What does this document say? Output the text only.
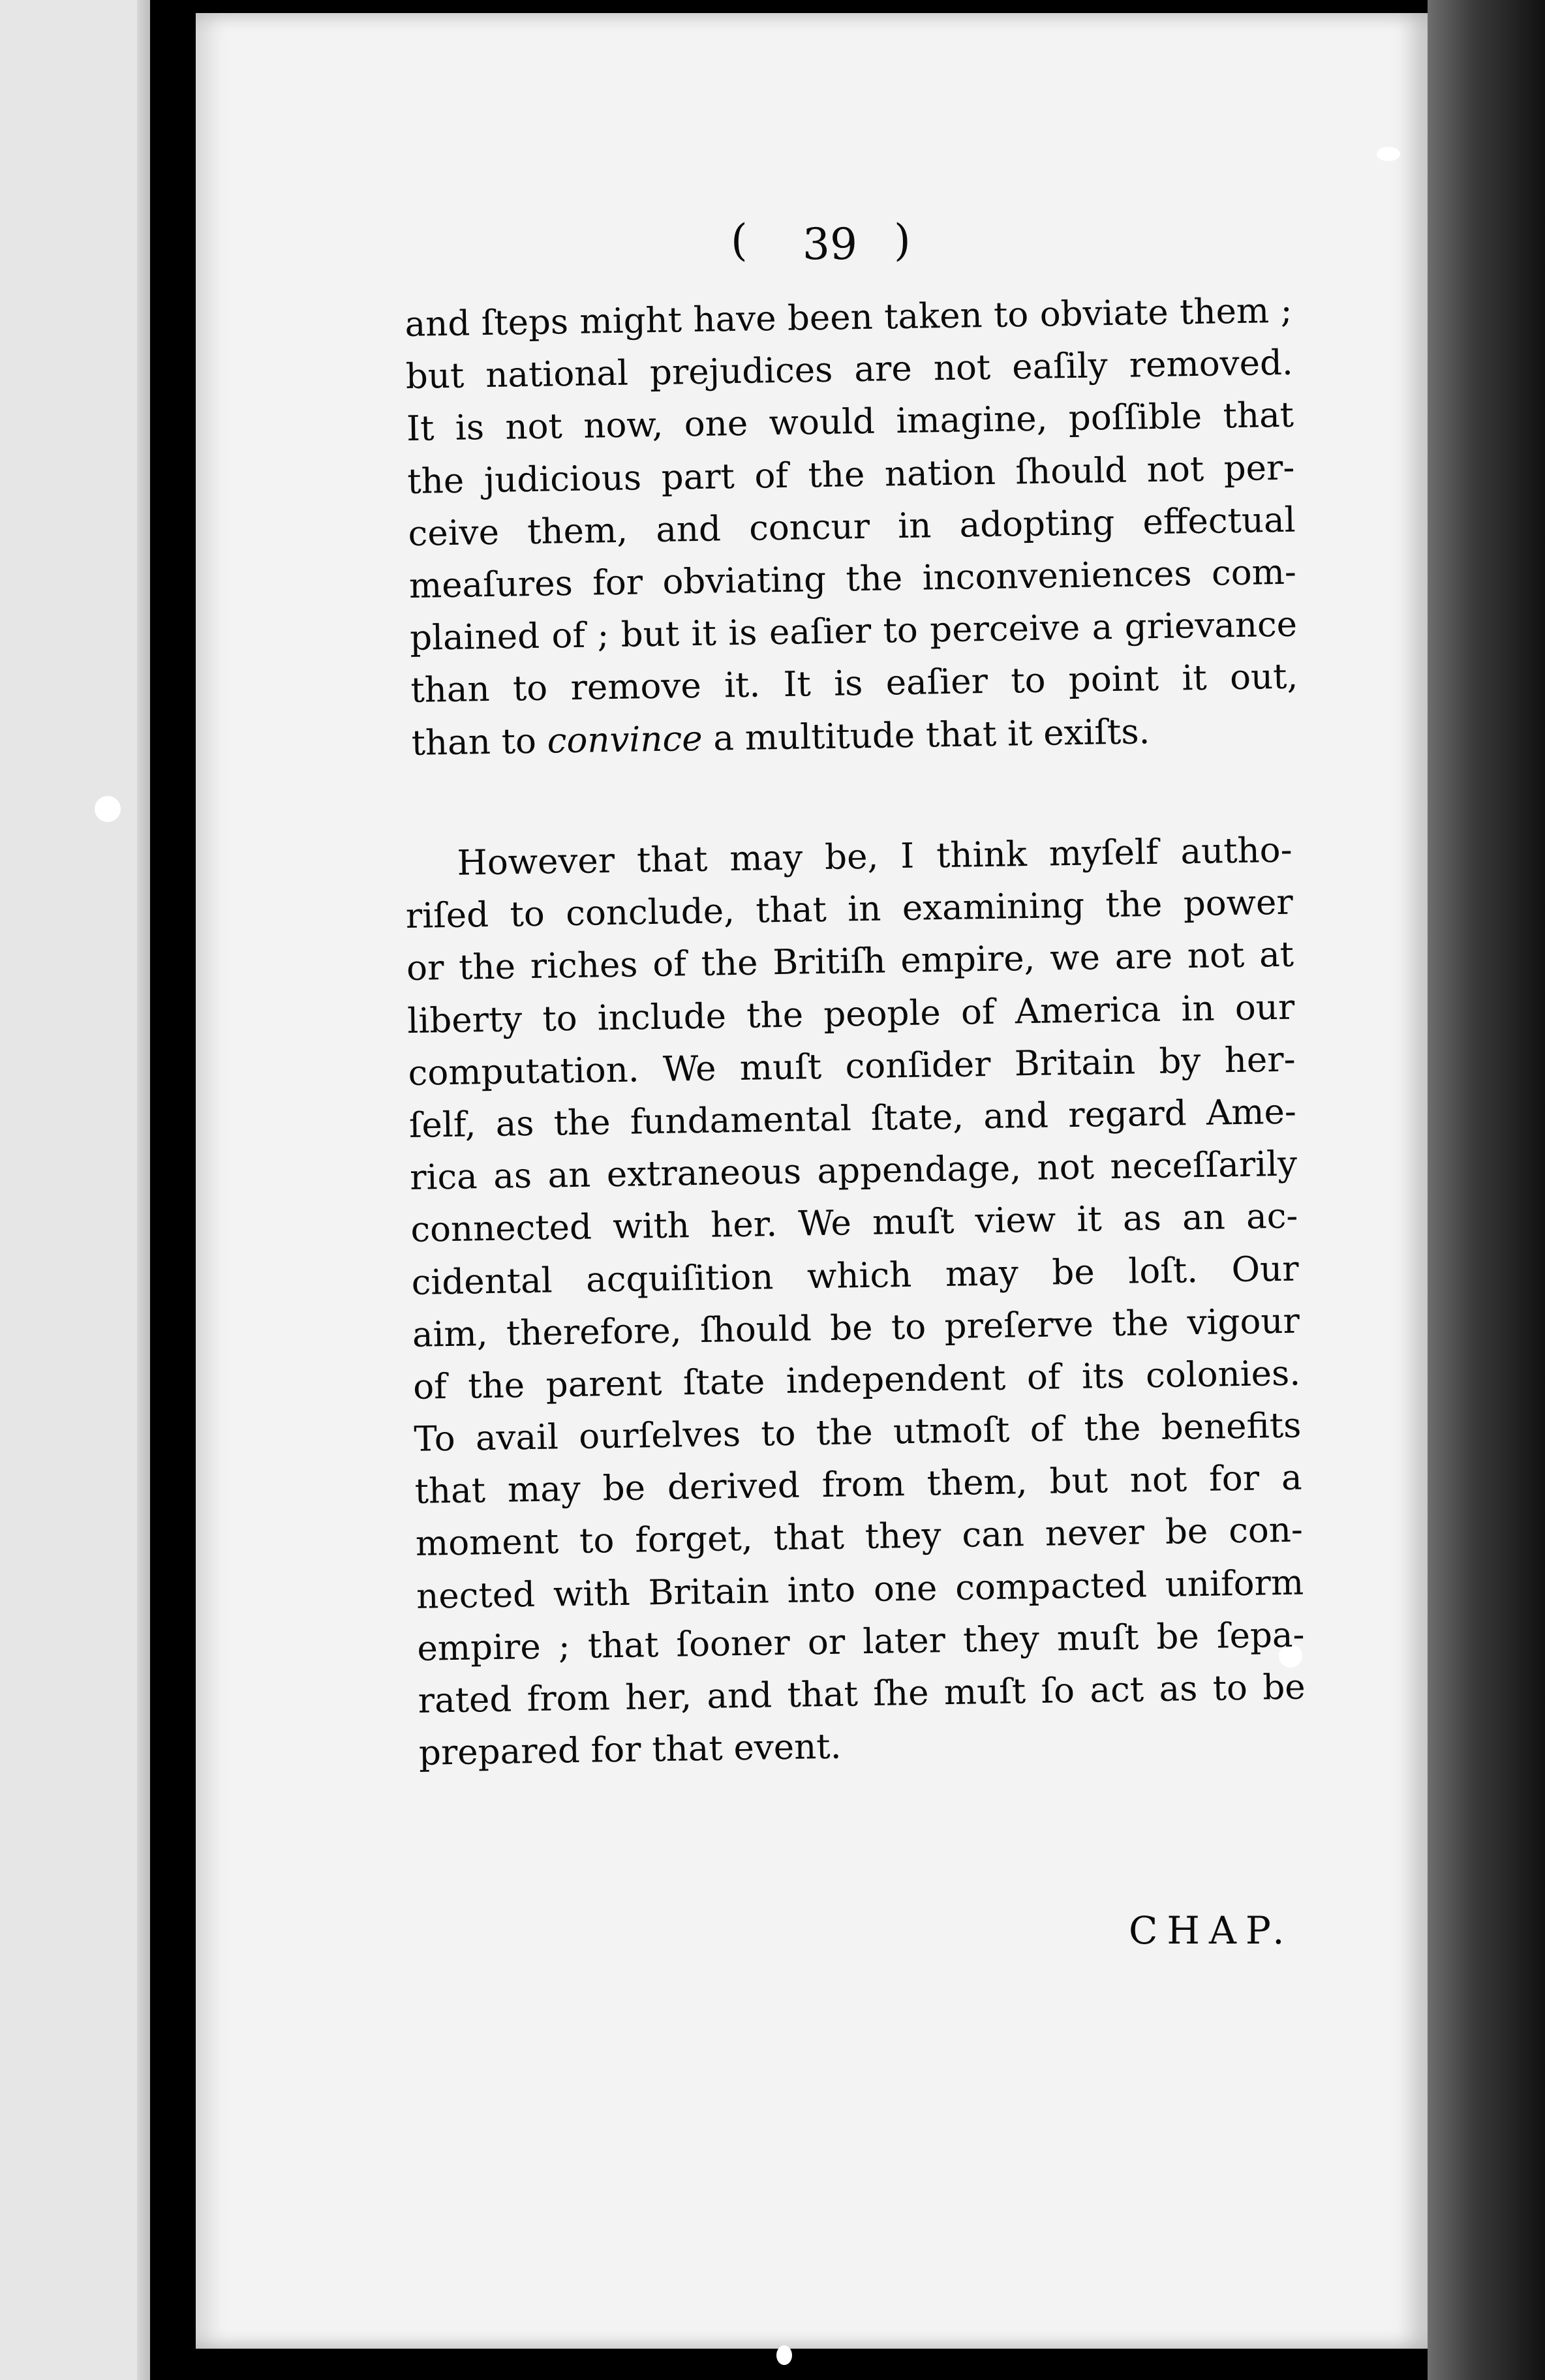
( 39 )
and ſteps might have been taken to obviate them ;
but national prejudices are not eaſily removed.
It is not now, one would imagine, poſſible that
the judicious part of the nation ſhould not per-
ceive them, and concur in adopting effectual
meaſures for obviating the inconveniences com-
plained of ; but it is eaſier to perceive a grievance
than to remove it. It is eaſier to point it out,
than to convince a multitude that it exiſts.
However that may be, I think myſelf autho-
riſed to conclude, that in examining the power
or the riches of the Britiſh empire, we are not at
liberty to include the people of America in our
computation. We muſt conſider Britain by her-
ſelf, as the fundamental ſtate, and regard Ame-
rica as an extraneous appendage, not neceſſarily
connected with her. We muſt view it as an ac-
cidental acquiſition which may be loſt. Our
aim, therefore, ſhould be to preſerve the vigour
of the parent ſtate independent of its colonies.
To avail ourſelves to the utmoſt of the benefits
that may be derived from them, but not for a
moment to forget, that they can never be con-
nected with Britain into one compacted uniform
empire ; that ſooner or later they muſt be ſepa-
rated from her, and that ſhe muſt ſo act as to be
prepared for that event.
CHAP.
